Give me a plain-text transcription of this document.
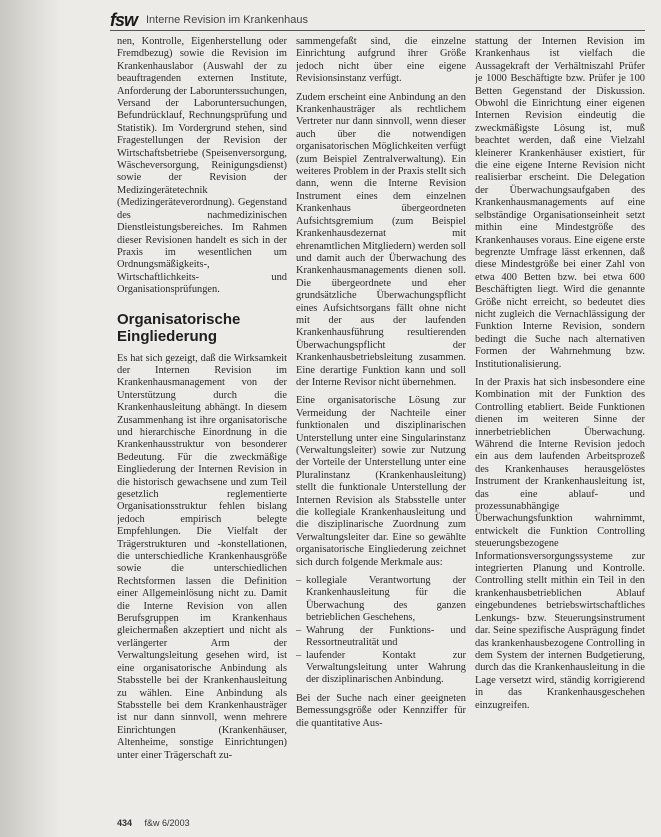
fsw Interne Revision im Krankenhaus

nen, Kontrolle, Eigenherstellung oder Fremdbezug) sowie die Revision im Krankenhauslabor (Auswahl der zu beauftragenden externen Institute, Anforderung der Laborunterssuchungen, Versand der Laboruntersuchungen, Befundrücklauf, Rechnungsprüfung und Statistik). Im Vordergrund stehen, sind Fragestellungen der Revision der Wirtschaftsbetriebe (Speisenversorgung, Wäscheversorgung, Reinigungsdienst) sowie der Revision der Medizingerätetechnik (Medizingeräteverordnung). Gegenstand des nachmedizinischen Dienstleistungsbereiches. Im Rahmen dieser Revisionen handelt es sich in der Praxis im wesentlichen um Ordnungsmäßigkeits-, Wirtschaftlichkeits- und Organisationsprüfungen.

Organisatorische Eingliederung

Es hat sich gezeigt, daß die Wirksamkeit der Internen Revision im Krankenhausmanagement von der Unterstützung durch die Krankenhausleitung abhängt. In diesem Zusammenhang ist ihre organisatorische und hierarchische Einordnung in die Krankenhausstruktur von besonderer Bedeutung. Für die zweckmäßige Eingliederung der Internen Revision in die historisch gewachsene und zum Teil gesetzlich reglementierte Organisationsstruktur fehlen bislang jedoch empirisch belegte Empfehlungen. Die Vielfalt der Trägerstrukturen und -konstellationen, die unterschiedliche Krankenhausgröße sowie die unterschiedlichen Rechtsformen lassen die Definition einer Allgemeinlösung nicht zu. Damit die Interne Revision von allen Berufsgruppen im Krankenhaus gleichermaßen akzeptiert und nicht als verlängerter Arm der Verwaltungsleitung gesehen wird, ist eine organisatorische Anbindung als Stabsstelle bei der Krankenhausleitung zu wählen. Eine Anbindung als Stabsstelle bei dem Krankenhausträger ist nur dann sinnvoll, wenn mehrere Einrichtungen (Krankenhäuser, Altenheime, sonstige Einrichtungen) unter einer Trägerschaft zu-

sammengefaßt sind, die einzelne Einrichtung aufgrund ihrer Größe jedoch nicht über eine eigene Revisionsinstanz verfügt.

Zudem erscheint eine Anbindung an den Krankenhausträger als rechtlichem Vertreter nur dann sinnvoll, wenn dieser auch über die notwendigen organisatorischen Möglichkeiten verfügt (zum Beispiel Zentralverwaltung). Ein weiteres Problem in der Praxis stellt sich dann, wenn die Interne Revision Instrument eines dem einzelnen Krankenhaus übergeordneten Aufsichtsgremium (zum Beispiel Krankenhausdezernat mit ehrenamtlichen Mitgliedern) werden soll und damit auch der Überwachung des Krankenhausmanagements dienen soll. Die übergeordnete und eher grundsätzliche Überwachungspflicht eines Aufsichtsorgans fällt ohne nicht mit der aus der laufenden Krankenhausführung resultierenden Überwachungspflicht der Krankenhausbetriebsleitung zusammen. Eine derartige Funktion kann und soll der Interne Revisor nicht übernehmen.

Eine organisatorische Lösung zur Vermeidung der Nachteile einer funktionalen und disziplinarischen Unterstellung unter eine Singularinstanz (Verwaltungsleiter) sowie zur Nutzung der Vorteile der Unterstellung unter eine Pluralinstanz (Krankenhausleitung) stellt die funktionale Unterstellung der Internen Revision als Stabsstelle unter die kollegiale Krankenhausleitung und die disziplinarische Zuordnung zum Verwaltungsleiter dar. Eine so gewählte organisatorische Eingliederung zeichnet sich durch folgende Merkmale aus:

– kollegiale Verantwortung der Krankenhausleitung für die Überwachung des ganzen betrieblichen Geschehens,
– Wahrung der Funktions- und Ressortneutralität und
– laufender Kontakt zur Verwaltungsleitung unter Wahrung der disziplinarischen Anbindung.

Bei der Suche nach einer geeigneten Bemessungsgröße oder Kennziffer für die quantitative Aus-

stattung der Internen Revision im Krankenhaus ist vielfach die Aussagekraft der Verhältniszahl Prüfer je 1000 Beschäftigte bzw. Prüfer je 100 Betten Gegenstand der Diskussion. Obwohl die Einrichtung einer eigenen Internen Revision eindeutig die zweckmäßigste Lösung ist, muß beachtet werden, daß eine Vielzahl kleinerer Krankenhäuser existiert, für die eine eigene Interne Revision nicht realisierbar erscheint. Die Delegation der Überwachungsaufgaben des Krankenhausmanagements auf eine selbständige Organisationseinheit setzt mithin eine Mindestgröße des Krankenhauses voraus. Eine eigene erste begrenzte Umfrage lässt erkennen, daß diese Mindestgröße bei einer Zahl von etwa 400 Betten bzw. bei etwa 600 Beschäftigten liegt. Wird die genannte Größe nicht erreicht, so bedeutet dies nicht zugleich die Vernachlässigung der Funktion Interne Revision, sondern bedingt die Suche nach alternativen Formen der Wahrnehmung bzw. Institutionalisierung.

In der Praxis hat sich insbesondere eine Kombination mit der Funktion des Controlling etabliert. Beide Funktionen dienen im weiteren Sinne der innerbetrieblichen Überwachung. Während die Interne Revision jedoch ein aus dem laufenden Arbeitsprozeß des Krankenhauses herausgelöstes Instrument der Krankenhausleitung ist, das eine ablauf- und prozessunabhängige Überwachungsfunktion wahrnimmt, entwickelt die Funktion Controlling steuerungsbezogene Informationsversorgungssysteme zur integrierten Planung und Kontrolle. Controlling stellt mithin ein Teil in den krankenhausbetrieblichen Ablauf eingebundenes betriebswirtschaftliches Lenkungs- bzw. Steuerungsinstrument dar. Seine spezifische Ausprägung findet das krankenhausbezogene Controlling in dem System der internen Budgetierung, durch das die Krankenhausleitung in die Lage versetzt wird, ständig korrigierend in das Krankenhausgeschehen einzugreifen.

434 f&w 6/2003
